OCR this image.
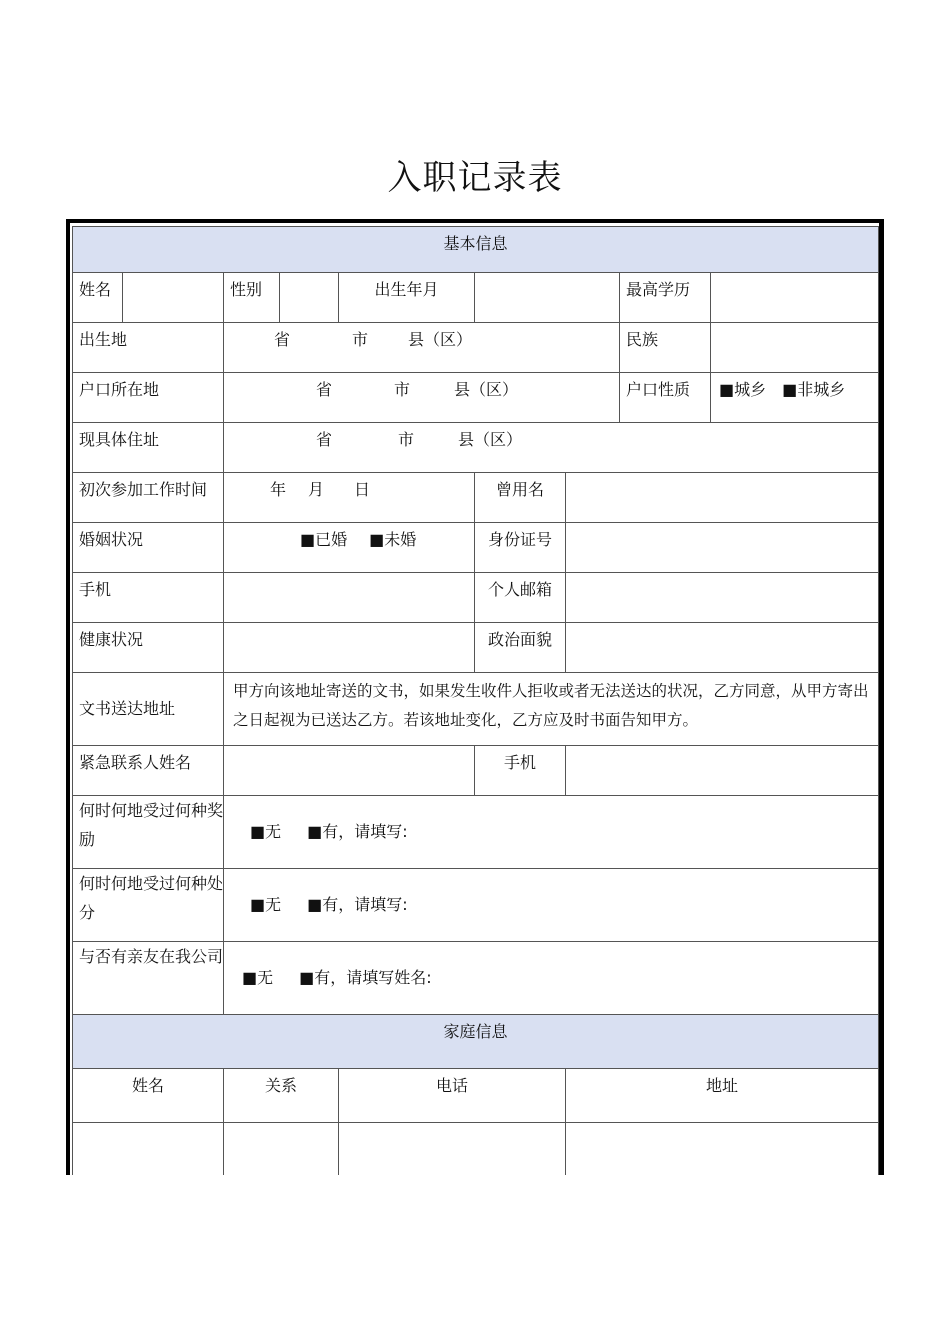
入职记录表
基本信息								
姓名		性别		出生年月			最高学历	
出生地		省 市 县（区）					民族	
户口所在地		省 市 县（区）					户口性质	■城乡 ■非城乡
现具体住址		省 市 县（区）						
初次参加工作时间		年 月 日			曾用名			
婚姻状况		■已婚 ■未婚			身份证号			
手机					个人邮箱			
健康状况					政治面貌			
文书送达地址		甲方向该地址寄送的文书，如果发生收件人拒收或者无法送达的状况，乙方同意，从甲方寄出之日起视为已送达乙方。若该地址变化，乙方应及时书面告知甲方。						
紧急联系人姓名					手机			
何时何地受过何种奖励		■无 ■有，请填写:						
何时何地受过何种处分		■无 ■有，请填写:						
与否有亲友在我公司		■无 ■有，请填写姓名:						
家庭信息								
姓名		关系		电话		地址		
